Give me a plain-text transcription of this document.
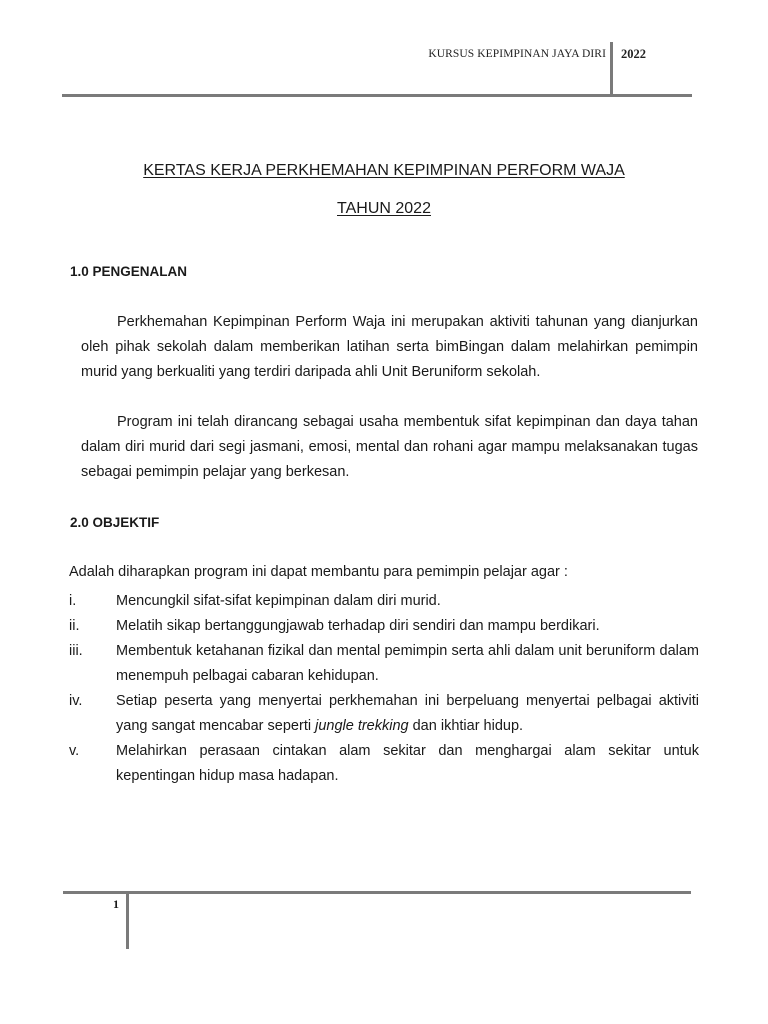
KURSUS KEPIMPINAN JAYA DIRI 2022
KERTAS KERJA PERKHEMAHAN KEPIMPINAN PERFORM WAJA
TAHUN 2022
1.0 PENGENALAN

Perkhemahan Kepimpinan Perform Waja ini merupakan aktiviti tahunan yang dianjurkan oleh pihak sekolah dalam memberikan latihan serta bimBingan dalam melahirkan pemimpin murid yang berkualiti yang terdiri daripada ahli Unit Beruniform sekolah.

Program ini telah dirancang sebagai usaha membentuk sifat kepimpinan dan daya tahan dalam diri murid dari segi jasmani, emosi, mental dan rohani agar mampu melaksanakan tugas sebagai pemimpin pelajar yang berkesan.

2.0 OBJEKTIF
Adalah diharapkan program ini dapat membantu para pemimpin pelajar agar :
i.	Mencungkil sifat-sifat kepimpinan dalam diri murid.
ii.	Melatih sikap bertanggungjawab terhadap diri sendiri dan mampu berdikari.
iii. Membentuk ketahanan fizikal dan mental pemimpin serta ahli dalam unit beruniform dalam menempuh pelbagai cabaran kehidupan.
iv. Setiap peserta yang menyertai perkhemahan ini berpeluang menyertai pelbagai aktiviti yang sangat mencabar seperti jungle trekking dan ikhtiar hidup.
v.	Melahirkan perasaan cintakan alam sekitar dan menghargai alam sekitar untuk kepentingan hidup masa hadapan.
1
